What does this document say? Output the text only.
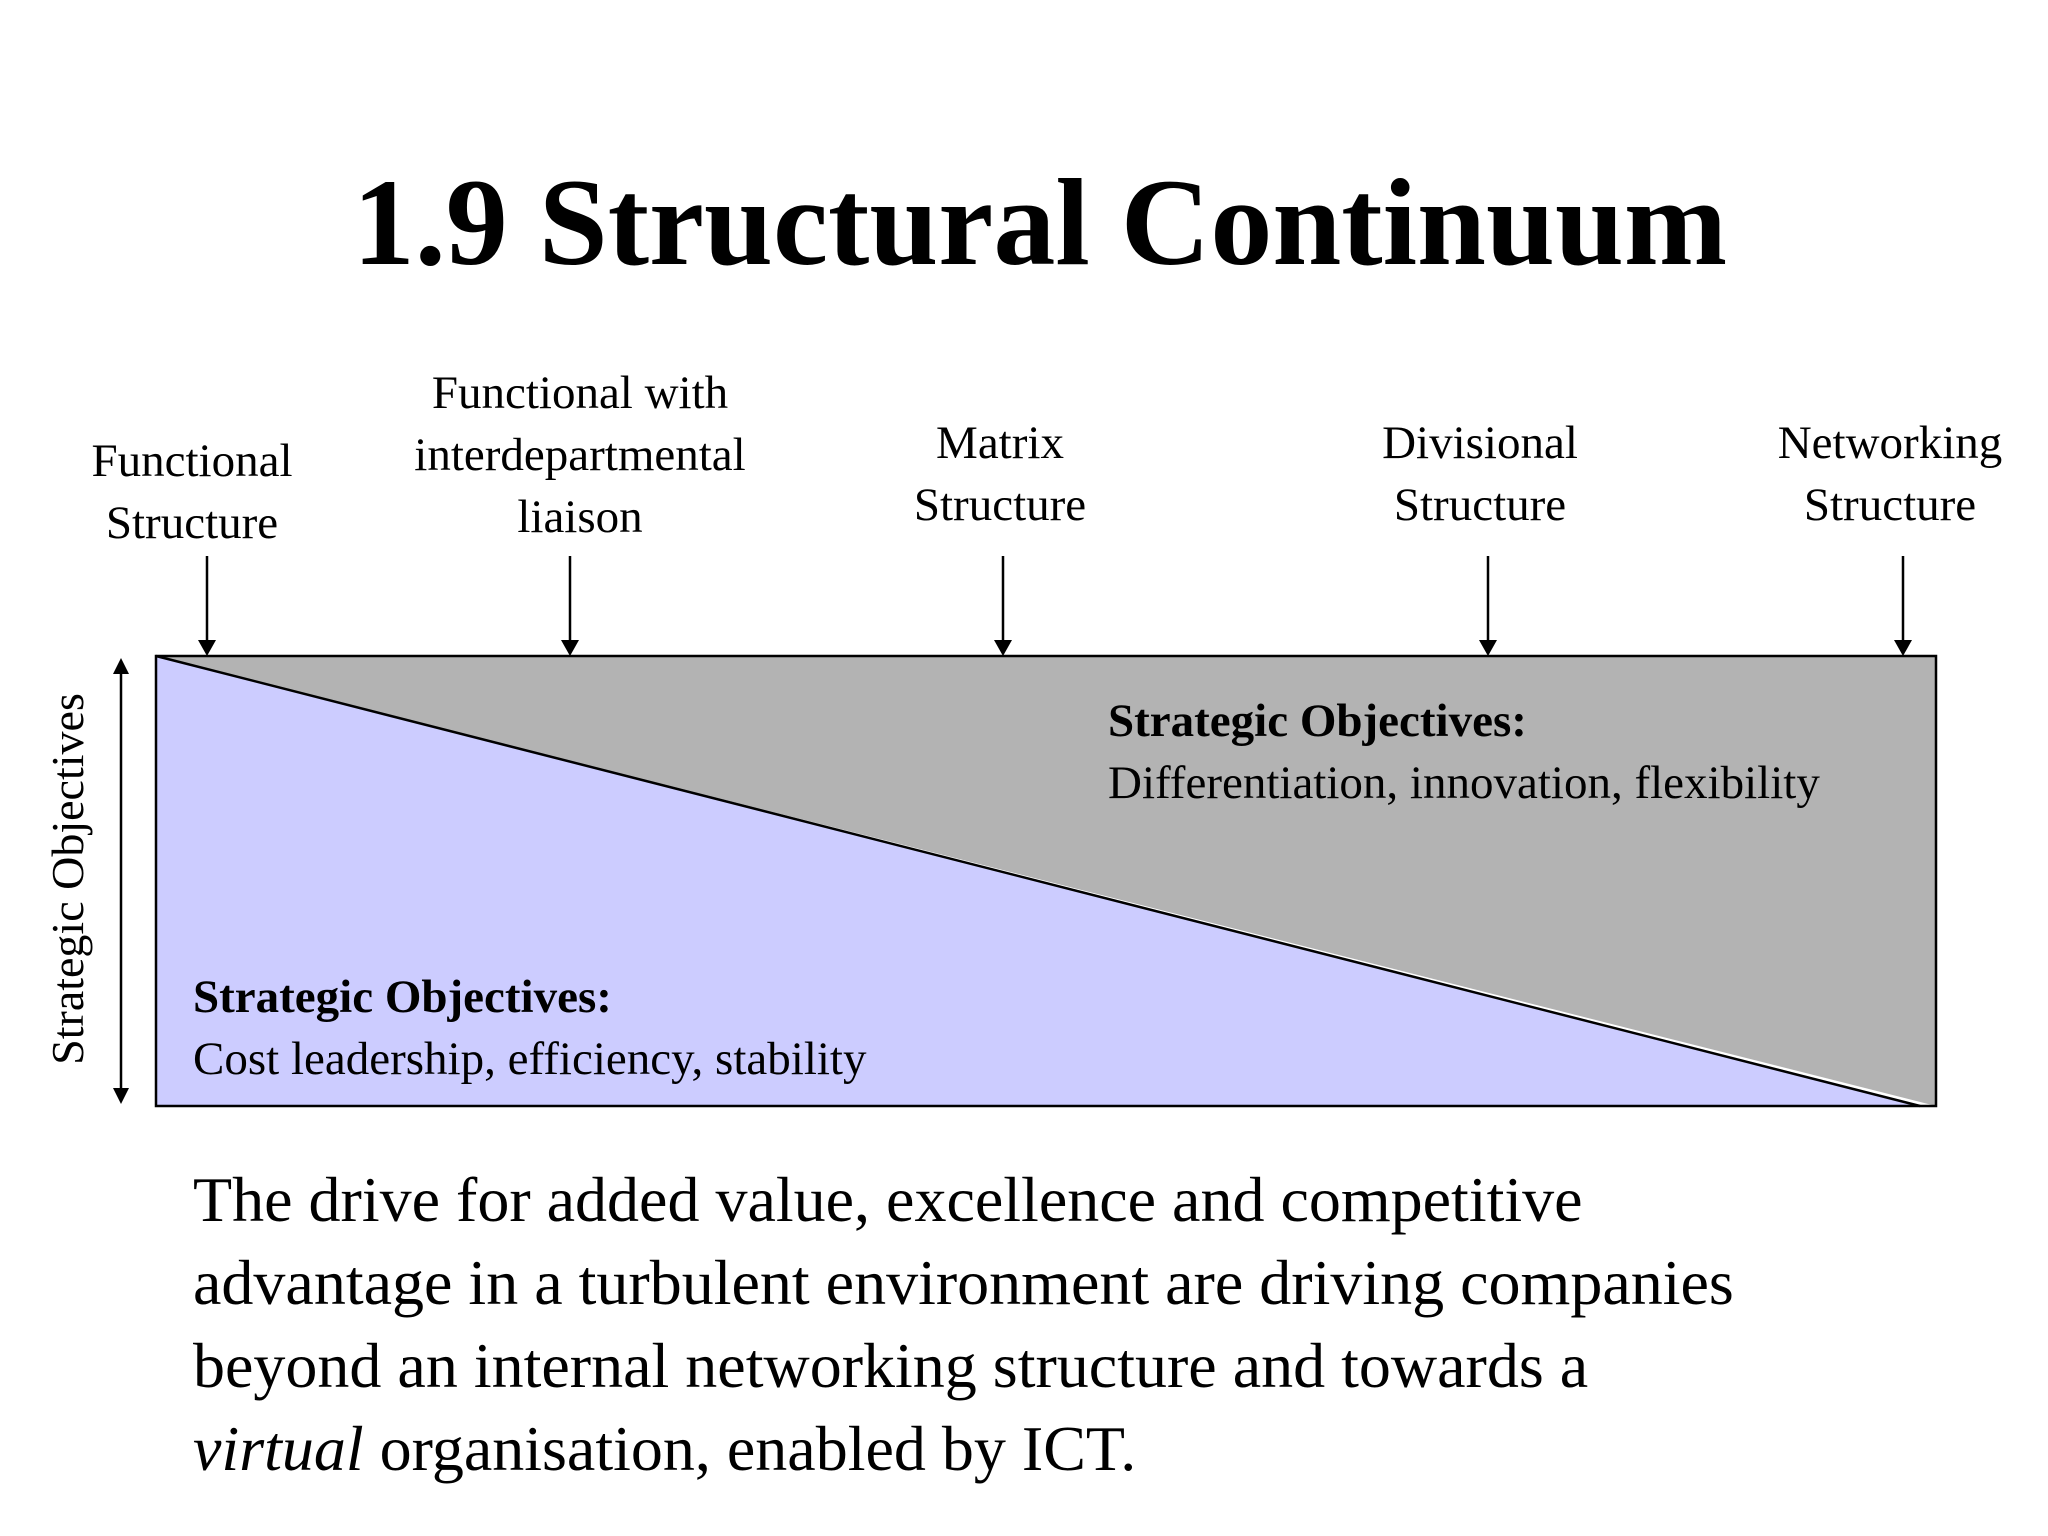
1.9 Structural Continuum
Functional
Structure
Functional with
interdepartmental
liaison
Matrix
Structure
Divisional
Structure
Networking
Structure
Strategic Objectives	Strategic Objectives:
Differentiation, innovation, flexibility
Strategic Objectives:
Cost leadership, efficiency, stability
The drive for added value, excellence and competitive
advantage in a turbulent environment are driving companies
beyond an internal networking structure and towards a
virtual organisation, enabled by ICT.
